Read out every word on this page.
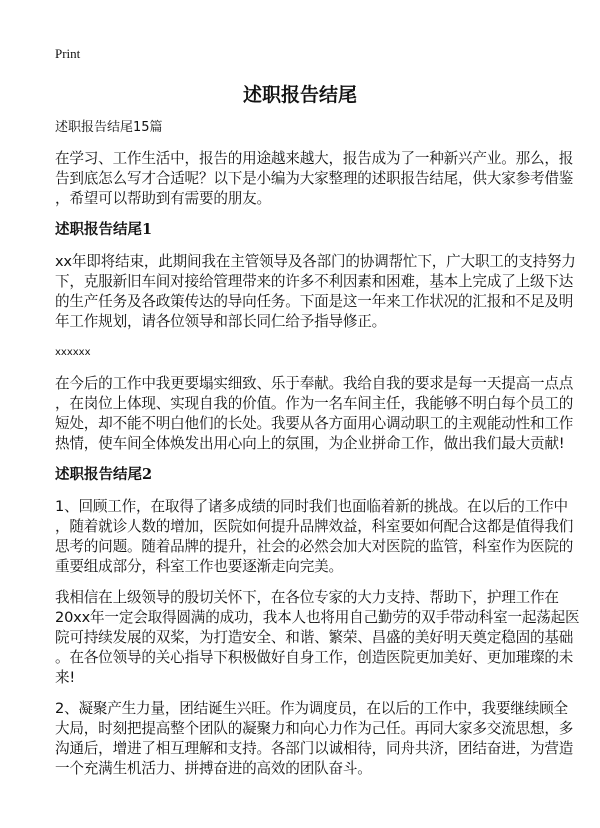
Print
述职报告结尾
述职报告结尾15篇
在学习、工作生活中，报告的用途越来越大，报告成为了一种新兴产业。那么，报
告到底怎么写才合适呢？以下是小编为大家整理的述职报告结尾，供大家参考借鉴
，希望可以帮助到有需要的朋友。
述职报告结尾1
xx年即将结束，此期间我在主管领导及各部门的协调帮忙下，广大职工的支持努力
下，克服新旧车间对接给管理带来的许多不利因素和困难，基本上完成了上级下达
的生产任务及各政策传达的导向任务。下面是这一年来工作状况的汇报和不足及明
年工作规划，请各位领导和部长同仁给予指导修正。
xxxxxx
在今后的工作中我更要塌实细致、乐于奉献。我给自我的要求是每一天提高一点点
，在岗位上体现、实现自我的价值。作为一名车间主任，我能够不明白每个员工的
短处，却不能不明白他们的长处。我要从各方面用心调动职工的主观能动性和工作
热情，使车间全体焕发出用心向上的氛围，为企业拼命工作，做出我们最大贡献!
述职报告结尾2
1、回顾工作，在取得了诸多成绩的同时我们也面临着新的挑战。在以后的工作中
，随着就诊人数的增加，医院如何提升品牌效益，科室要如何配合这都是值得我们
思考的问题。随着品牌的提升，社会的必然会加大对医院的监管，科室作为医院的
重要组成部分，科室工作也要逐渐走向完美。
我相信在上级领导的殷切关怀下，在各位专家的大力支持、帮助下，护理工作在
20xx年一定会取得圆满的成功，我本人也将用自己勤劳的双手带动科室一起荡起医
院可持续发展的双桨，为打造安全、和谐、繁荣、昌盛的美好明天奠定稳固的基础
。在各位领导的关心指导下积极做好自身工作，创造医院更加美好、更加璀璨的未
来!
2、凝聚产生力量，团结诞生兴旺。作为调度员，在以后的工作中，我要继续顾全
大局，时刻把提高整个团队的凝聚力和向心力作为己任。再同大家多交流思想，多
沟通后，增进了相互理解和支持。各部门以诚相待，同舟共济，团结奋进，为营造
一个充满生机活力、拼搏奋进的高效的团队奋斗。
